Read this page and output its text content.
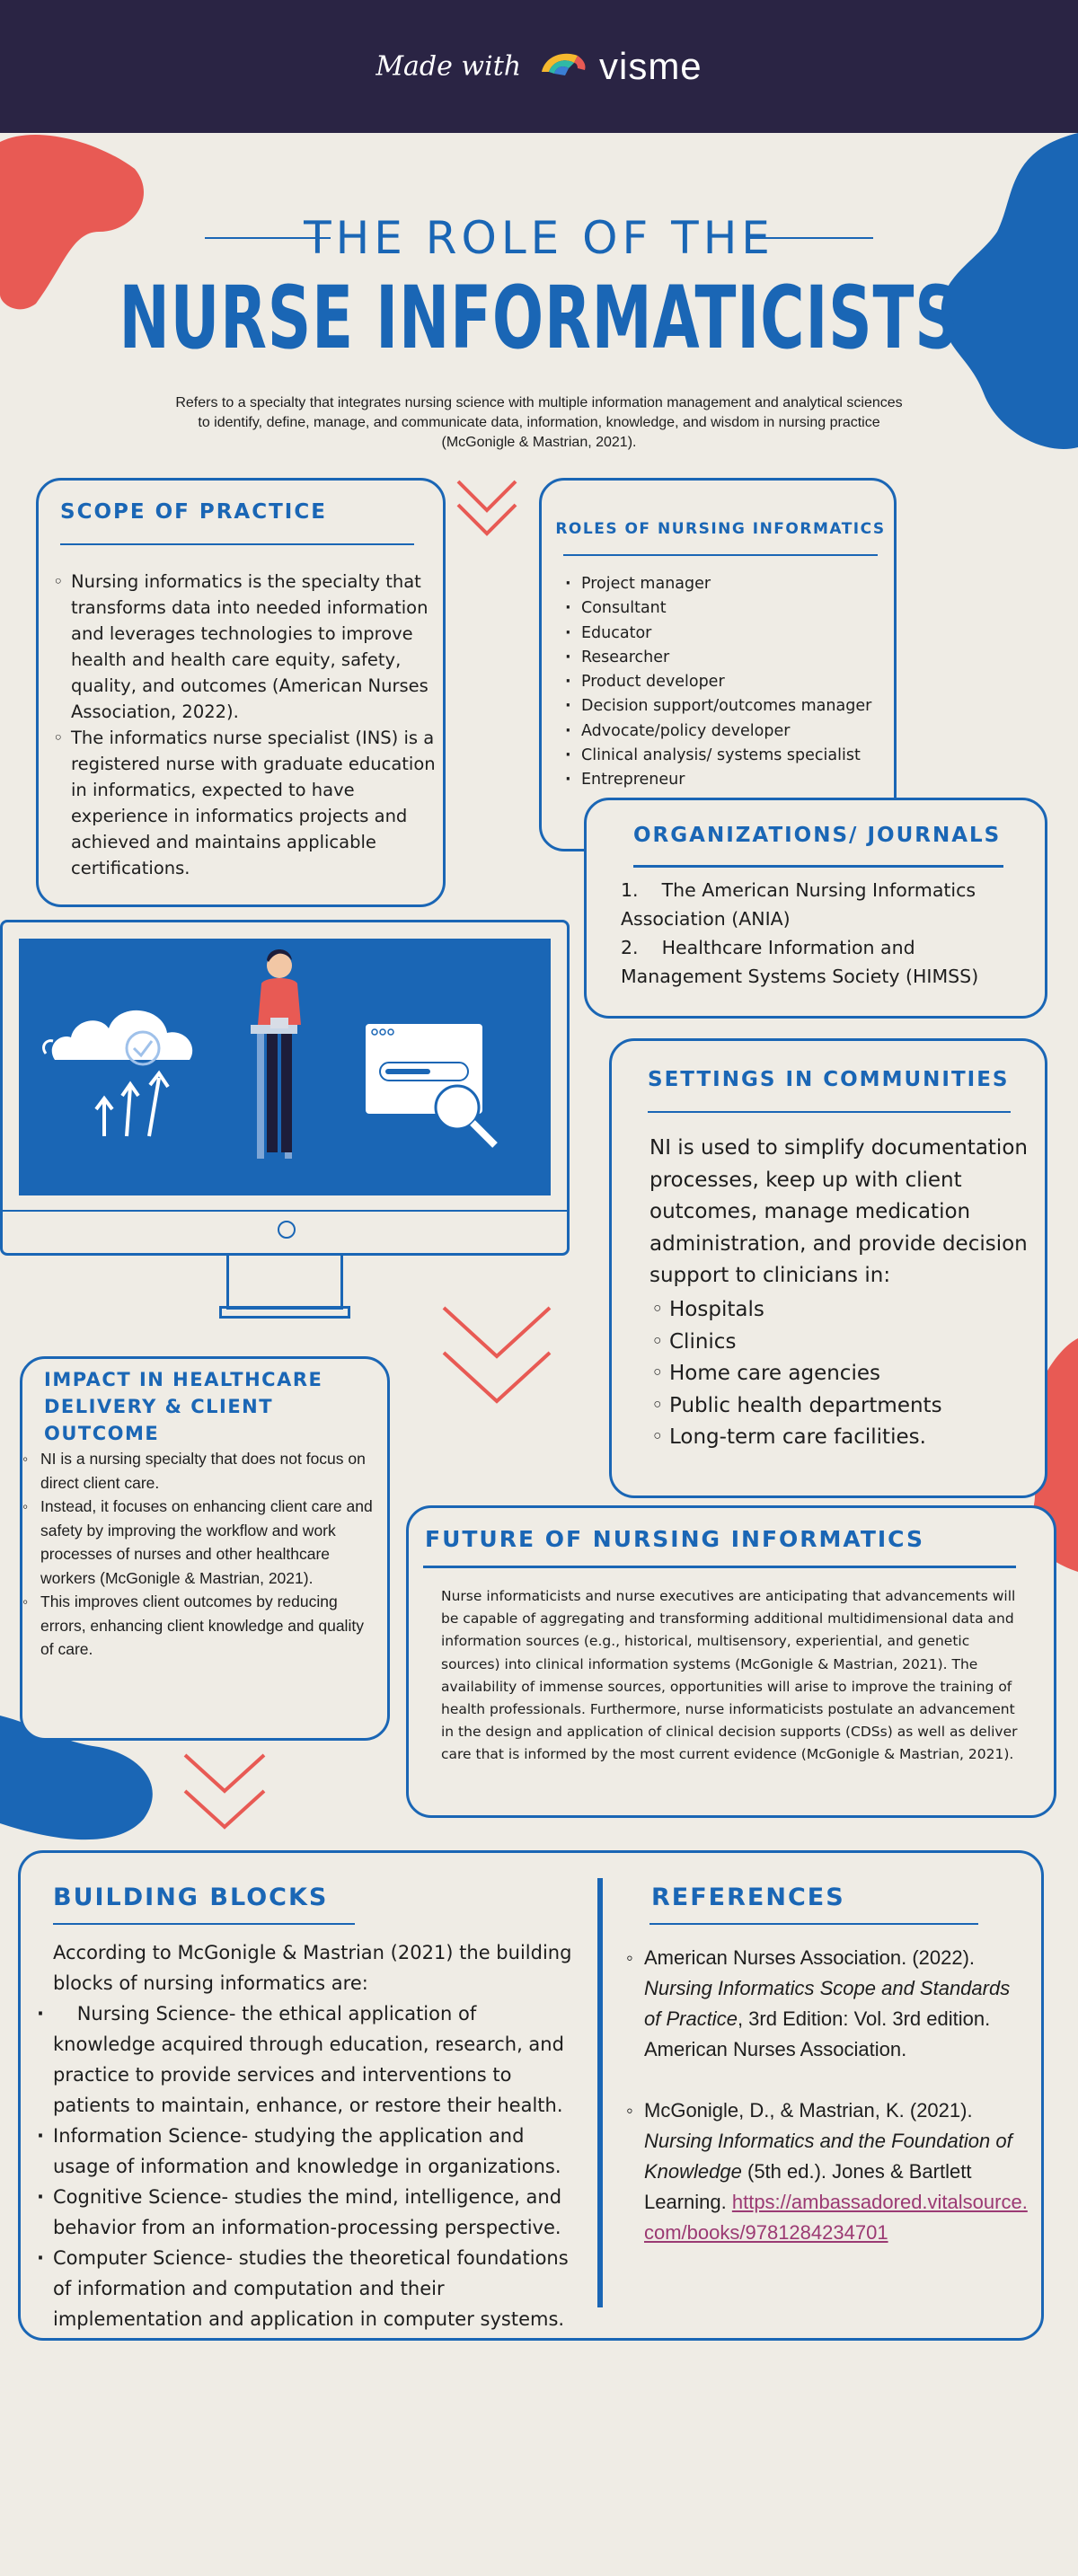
Made with visme
THE ROLE OF THE
NURSE INFORMATICISTS
Refers to a specialty that integrates nursing science with multiple information management and analytical sciences to identify, define, manage, and communicate data, information, knowledge, and wisdom in nursing practice (McGonigle & Mastrian, 2021).
SCOPE OF PRACTICE
◦ Nursing informatics is the specialty that transforms data into needed information and leverages technologies to improve health and health care equity, safety, quality, and outcomes (American Nurses Association, 2022).
◦ The informatics nurse specialist (INS) is a registered nurse with graduate education in informatics, expected to have experience in informatics projects and achieved and maintains applicable certifications.
ROLES OF NURSING INFORMATICS
· Project manager
· Consultant
· Educator
· Researcher
· Product developer
· Decision support/outcomes manager
· Advocate/policy developer
· Clinical analysis/ systems specialist
· Entrepreneur
ORGANIZATIONS/ JOURNALS
1.    The American Nursing Informatics Association (ANIA)
2.    Healthcare Information and Management Systems Society (HIMSS)
SETTINGS IN COMMUNITIES
NI is used to simplify documentation processes, keep up with client outcomes, manage medication administration, and provide decision support to clinicians in:
◦ Hospitals
◦ Clinics
◦ Home care agencies
◦ Public health departments
◦ Long-term care facilities.
IMPACT IN HEALTHCARE
DELIVERY & CLIENT OUTCOME
◦ NI is a nursing specialty that does not focus on direct client care.
◦ Instead, it focuses on enhancing client care and safety by improving the workflow and work processes of nurses and other healthcare workers (McGonigle & Mastrian, 2021).
◦ This improves client outcomes by reducing errors, enhancing client knowledge and quality of care.
FUTURE OF NURSING INFORMATICS
Nurse informaticists and nurse executives are anticipating that advancements will be capable of aggregating and transforming additional multidimensional data and information sources (e.g., historical, multisensory, experiential, and genetic sources) into clinical information systems (McGonigle & Mastrian, 2021). The availability of immense sources, opportunities will arise to improve the training of health professionals. Furthermore, nurse informaticists postulate an advancement in the design and application of clinical decision supports (CDSs) as well as deliver care that is informed by the most current evidence (McGonigle & Mastrian, 2021).
BUILDING BLOCKS
According to McGonigle & Mastrian (2021) the building blocks of nursing informatics are:
·     Nursing Science- the ethical application of knowledge acquired through education, research, and practice to provide services and interventions to patients to maintain, enhance, or restore their health.
· Information Science- studying the application and usage of information and knowledge in organizations.
· Cognitive Science- studies the mind, intelligence, and behavior from an information-processing perspective.
· Computer Science- studies the theoretical foundations of information and computation and their implementation and application in computer systems.
REFERENCES
◦ American Nurses Association. (2022). Nursing Informatics Scope and Standards of Practice, 3rd Edition: Vol. 3rd edition. American Nurses Association.
◦ McGonigle, D., & Mastrian, K. (2021). Nursing Informatics and the Foundation of Knowledge (5th ed.). Jones & Bartlett Learning. https://ambassadored.vitalsource.com/books/9781284234701
